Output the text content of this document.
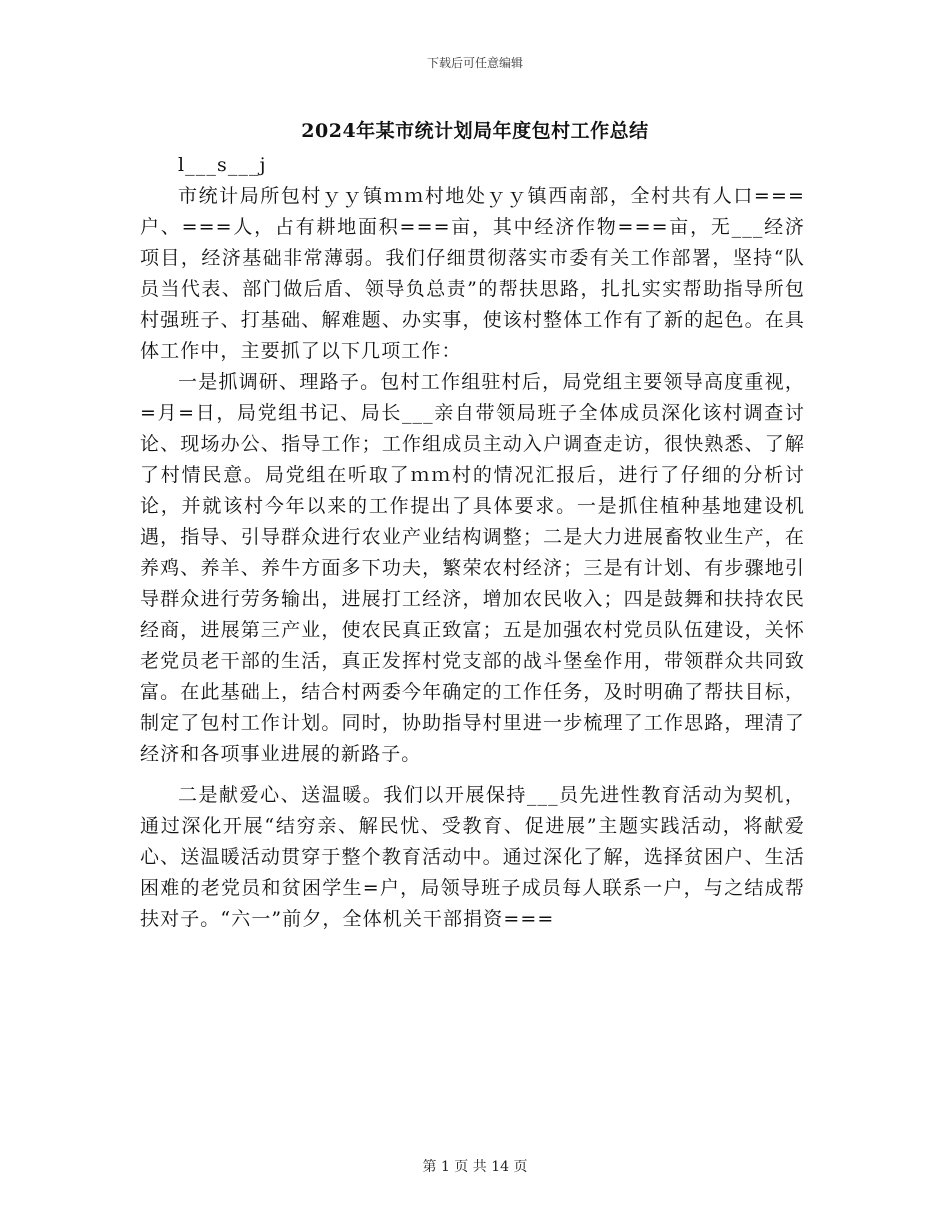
下载后可任意编辑
2024年某市统计划局年度包村工作总结

l___s___j

市统计局所包村ｙｙ镇ｍｍ村地处ｙｙ镇西南部，全村共有人口===户、===人，占有耕地面积===亩，其中经济作物===亩，无___经济项目，经济基础非常薄弱。我们仔细贯彻落实市委有关工作部署，坚持“队员当代表、部门做后盾、领导负总责”的帮扶思路，扎扎实实帮助指导所包村强班子、打基础、解难题、办实事，使该村整体工作有了新的起色。在具体工作中，主要抓了以下几项工作：

一是抓调研、理路子。包村工作组驻村后，局党组主要领导高度重视，=月=日，局党组书记、局长___亲自带领局班子全体成员深化该村调查讨论、现场办公、指导工作；工作组成员主动入户调查走访，很快熟悉、了解了村情民意。局党组在听取了ｍｍ村的情况汇报后，进行了仔细的分析讨论，并就该村今年以来的工作提出了具体要求。一是抓住植种基地建设机遇，指导、引导群众进行农业产业结构调整；二是大力进展畜牧业生产，在养鸡、养羊、养牛方面多下功夫，繁荣农村经济；三是有计划、有步骤地引导群众进行劳务输出，进展打工经济，增加农民收入；四是鼓舞和扶持农民经商，进展第三产业，使农民真正致富；五是加强农村党员队伍建设，关怀老党员老干部的生活，真正发挥村党支部的战斗堡垒作用，带领群众共同致富。在此基础上，结合村两委今年确定的工作任务，及时明确了帮扶目标，制定了包村工作计划。同时，协助指导村里进一步梳理了工作思路，理清了经济和各项事业进展的新路子。

二是献爱心、送温暖。我们以开展保持___员先进性教育活动为契机，通过深化开展“结穷亲、解民忧、受教育、促进展”主题实践活动，将献爱心、送温暖活动贯穿于整个教育活动中。通过深化了解，选择贫困户、生活困难的老党员和贫困学生=户，局领导班子成员每人联系一户，与之结成帮扶对子。“六一”前夕，全体机关干部捐资===

第 1 页 共 14 页
